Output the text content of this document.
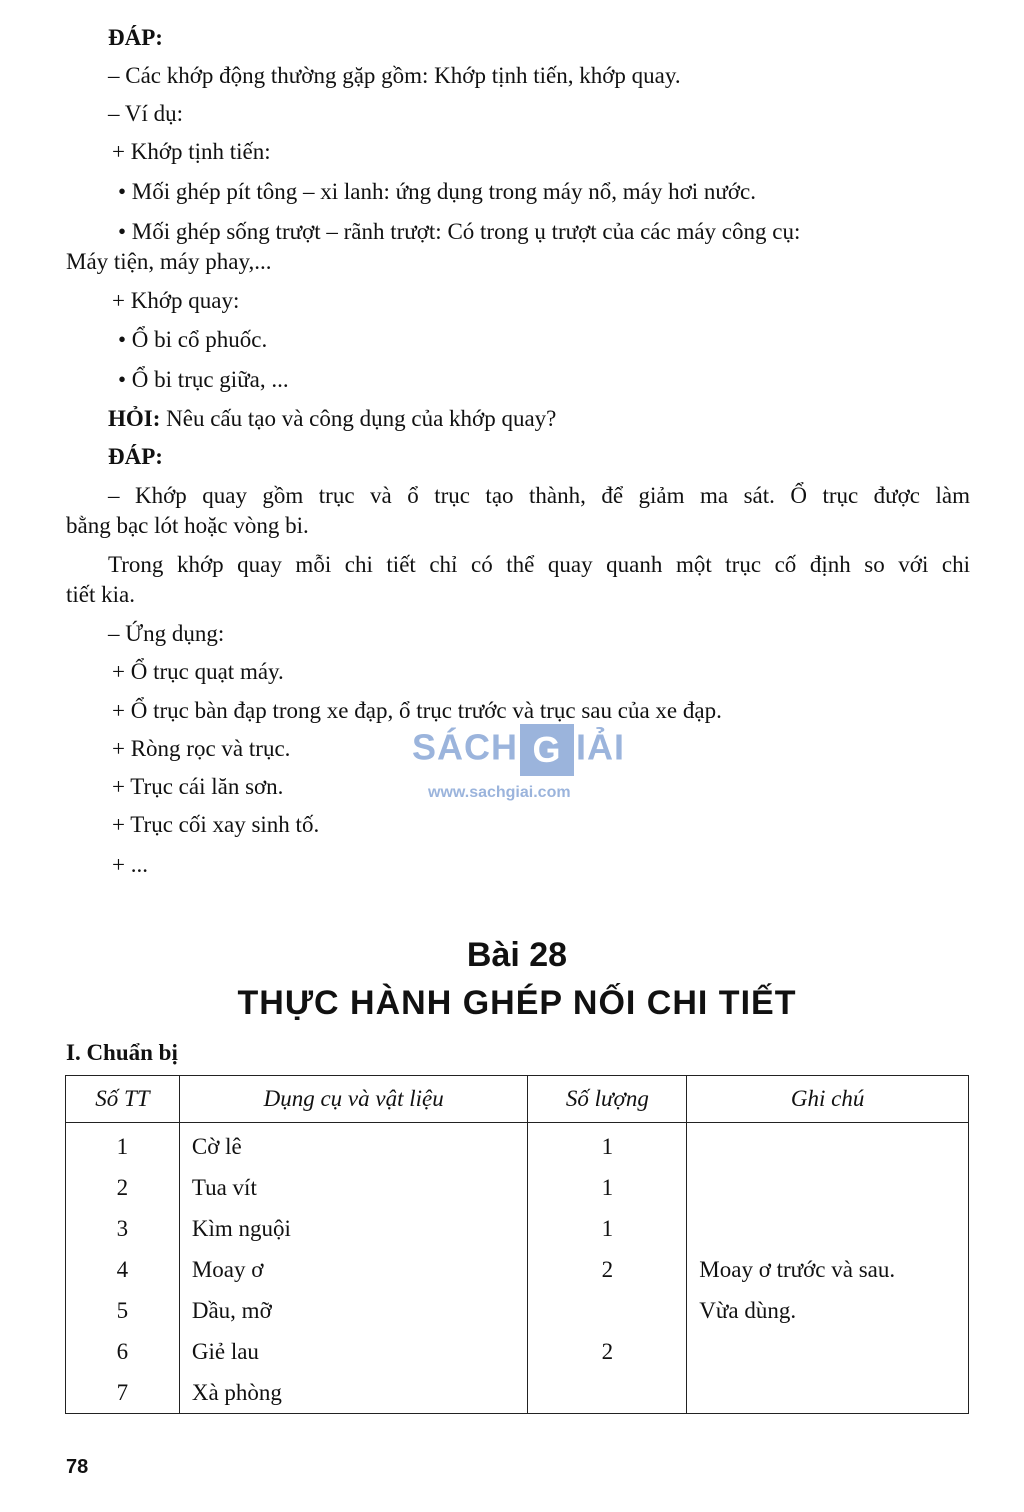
ĐÁP:
– Các khớp động thường gặp gồm: Khớp tịnh tiến, khớp quay.
– Ví dụ:
+ Khớp tịnh tiến:
• Mối ghép pít tông – xi lanh: ứng dụng trong máy nổ, máy hơi nước.
• Mối ghép sống trượt – rãnh trượt: Có trong ụ trượt của các máy công cụ:
Máy tiện, máy phay,...
+ Khớp quay:
• Ổ bi cổ phuốc.
• Ổ bi trục giữa, ...
HỎI: Nêu cấu tạo và công dụng của khớp quay?
ĐÁP:
– Khớp quay gồm trục và ổ trục tạo thành, để giảm ma sát. Ổ trục được làm
bằng bạc lót hoặc vòng bi.
Trong khớp quay mỗi chi tiết chỉ có thể quay quanh một trục cố định so với chi
tiết kia.
– Ứng dụng:
+ Ổ trục quạt máy.
+ Ổ trục bàn đạp trong xe đạp, ổ trục trước và trục sau của xe đạp.
+ Ròng rọc và trục.
+ Trục cái lăn sơn.
+ Trục cối xay sinh tố.
+ ...
SÁCH G IẢI
www.sachgiai.com
Bài 28
THỰC HÀNH GHÉP NỐI CHI TIẾT
I. Chuẩn bị
Số TT	Dụng cụ và vật liệu	Số lượng	Ghi chú
1	Cờ lê	1	
2	Tua vít	1	
3	Kìm nguội	1	
4	Moay ơ	2	Moay ơ trước và sau.
5	Dầu, mỡ		Vừa dùng.
6	Giẻ lau	2	
7	Xà phòng		
78
